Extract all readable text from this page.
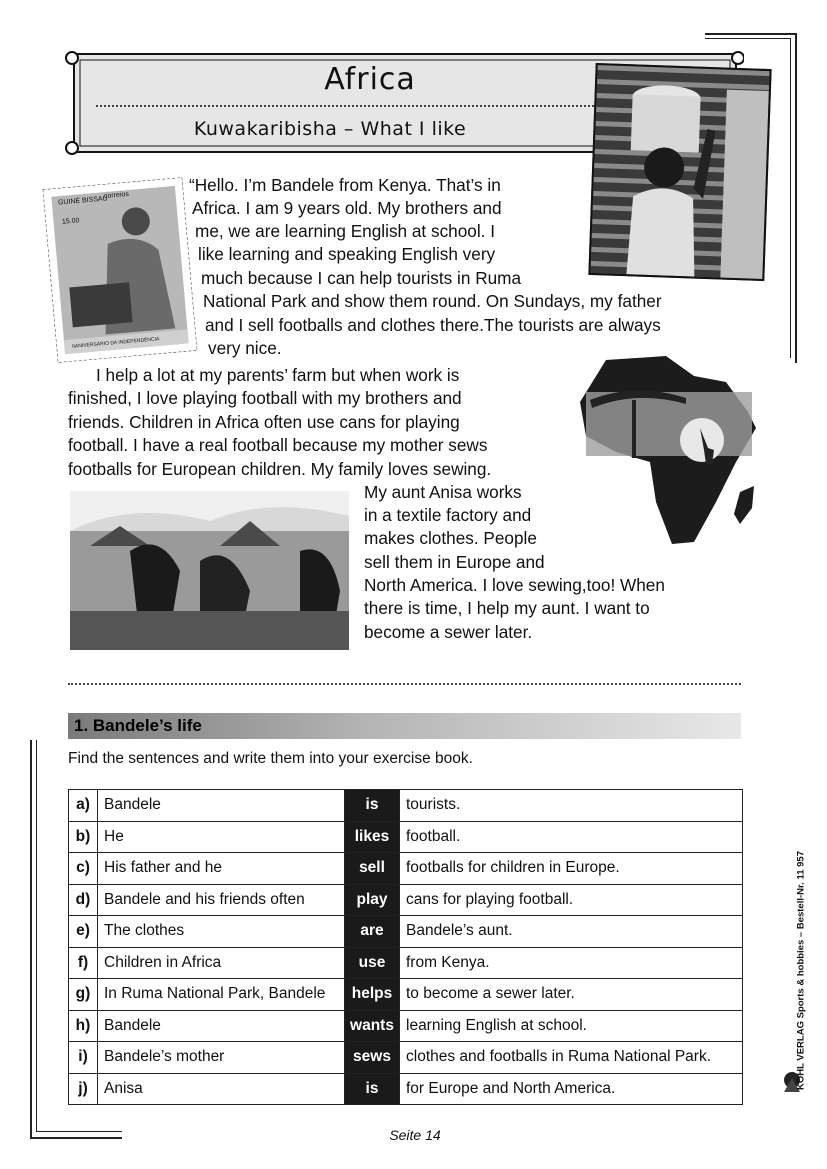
Africa
Kuwakaribisha – What I like
GUINÉ BISSAU
correios
15.00
IIANIVERSÁRIO DA INDEPENDÊNCIA
“Hello. I’m Bandele from Kenya. That’s in
Africa. I am 9 years old. My brothers and
me, we are learning English at school. I
like learning and speaking English very
much because I can help tourists in Ruma
National Park and show them round. On Sundays, my father
and I sell footballs and clothes there.The tourists are always
very nice.
I help a lot at my parents’ farm but when work is
finished, I love playing football with my brothers and
friends. Children in Africa often use cans for playing
football. I have a real football because my mother sews
footballs for European children. My family loves sewing.
My aunt Anisa works
in a textile factory and
makes clothes. People
sell them in Europe and
North America. I love sewing,too! When
there is time, I help my aunt. I want to
become a sewer later.
1. Bandele’s life
Find the sentences and write them into your exercise book.
a)	Bandele	is	tourists.
b)	He	likes	football.
c)	His father and he	sell	footballs for children in Europe.
d)	Bandele and his friends often	play	cans for playing football.
e)	The clothes	are	Bandele’s aunt.
f)	Children in Africa	use	from Kenya.
g)	In Ruma National Park, Bandele	helps	to become a sewer later.
h)	Bandele	wants	learning English at school.
i)	Bandele’s mother	sews	clothes and footballs in Ruma National Park.
j)	Anisa	is	for Europe and North America.	KOHL VERLAG Sports & hobbies – Bestell-Nr. 11 957
Seite 14
